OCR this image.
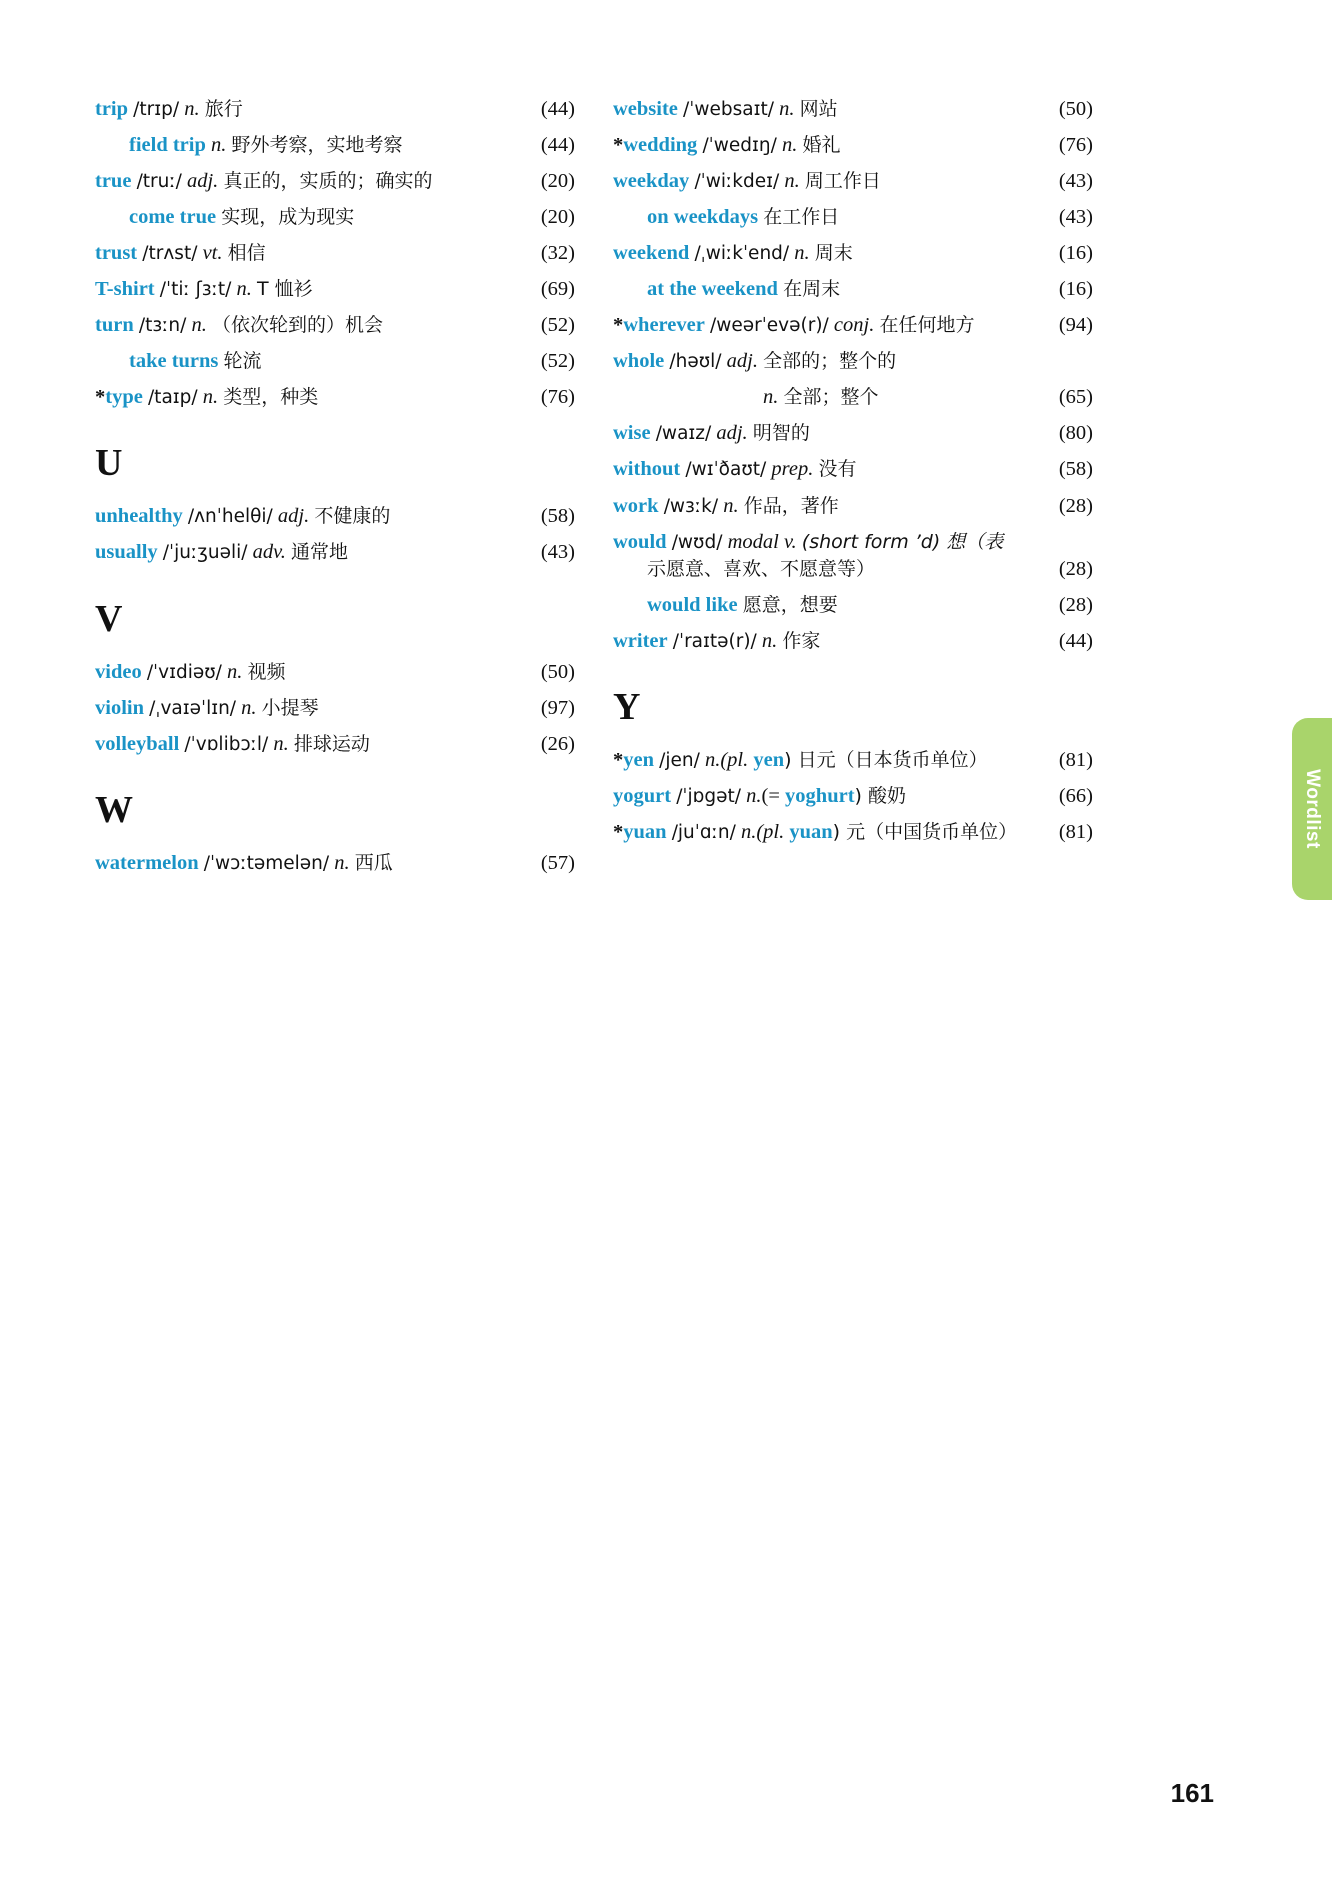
trip /trɪp/ n. 旅行	(44)
field trip n. 野外考察，实地考察	(44)
true /truː/ adj. 真正的，实质的；确实的	(20)
come true 实现，成为现实	(20)
trust /trʌst/ vt. 相信	(32)
T-shirt /ˈtiː ʃɜːt/ n. T 恤衫	(69)
turn /tɜːn/ n. （依次轮到的）机会	(52)
take turns 轮流	(52)
*type /taɪp/ n. 类型，种类	(76)
U
unhealthy /ʌnˈhelθi/ adj. 不健康的	(58)
usually /ˈjuːʒuəli/ adv. 通常地	(43)
V
video /ˈvɪdiəʊ/ n. 视频	(50)
violin /ˌvaɪəˈlɪn/ n. 小提琴	(97)
volleyball /ˈvɒlibɔːl/ n. 排球运动	(26)
W
watermelon /ˈwɔːtəmelən/ n. 西瓜	(57)
website /ˈwebsaɪt/ n. 网站	(50)
*wedding /ˈwedɪŋ/ n. 婚礼	(76)
weekday /ˈwiːkdeɪ/ n. 周工作日	(43)
on weekdays 在工作日	(43)
weekend /ˌwiːkˈend/ n. 周末	(16)
at the weekend 在周末	(16)
*wherever /weərˈevə(r)/ conj. 在任何地方	(94)
whole /həʊl/ adj. 全部的；整个的
n. 全部；整个	(65)
wise /waɪz/ adj. 明智的	(80)
without /wɪˈðaʊt/ prep. 没有	(58)
work /wɜːk/ n. 作品，著作	(28)
would /wʊd/ modal v. (short form ’d) 想（表
示愿意、喜欢、不愿意等）	(28)
would like 愿意，想要	(28)
writer /ˈraɪtə(r)/ n. 作家	(44)
Y
*yen /jen/ n.(pl. yen) 日元（日本货币单位）	(81)
yogurt /ˈjɒgət/ n.(= yoghurt) 酸奶	(66)
*yuan /juˈɑːn/ n.(pl. yuan) 元（中国货币单位）	(81)	Wordlist
161
